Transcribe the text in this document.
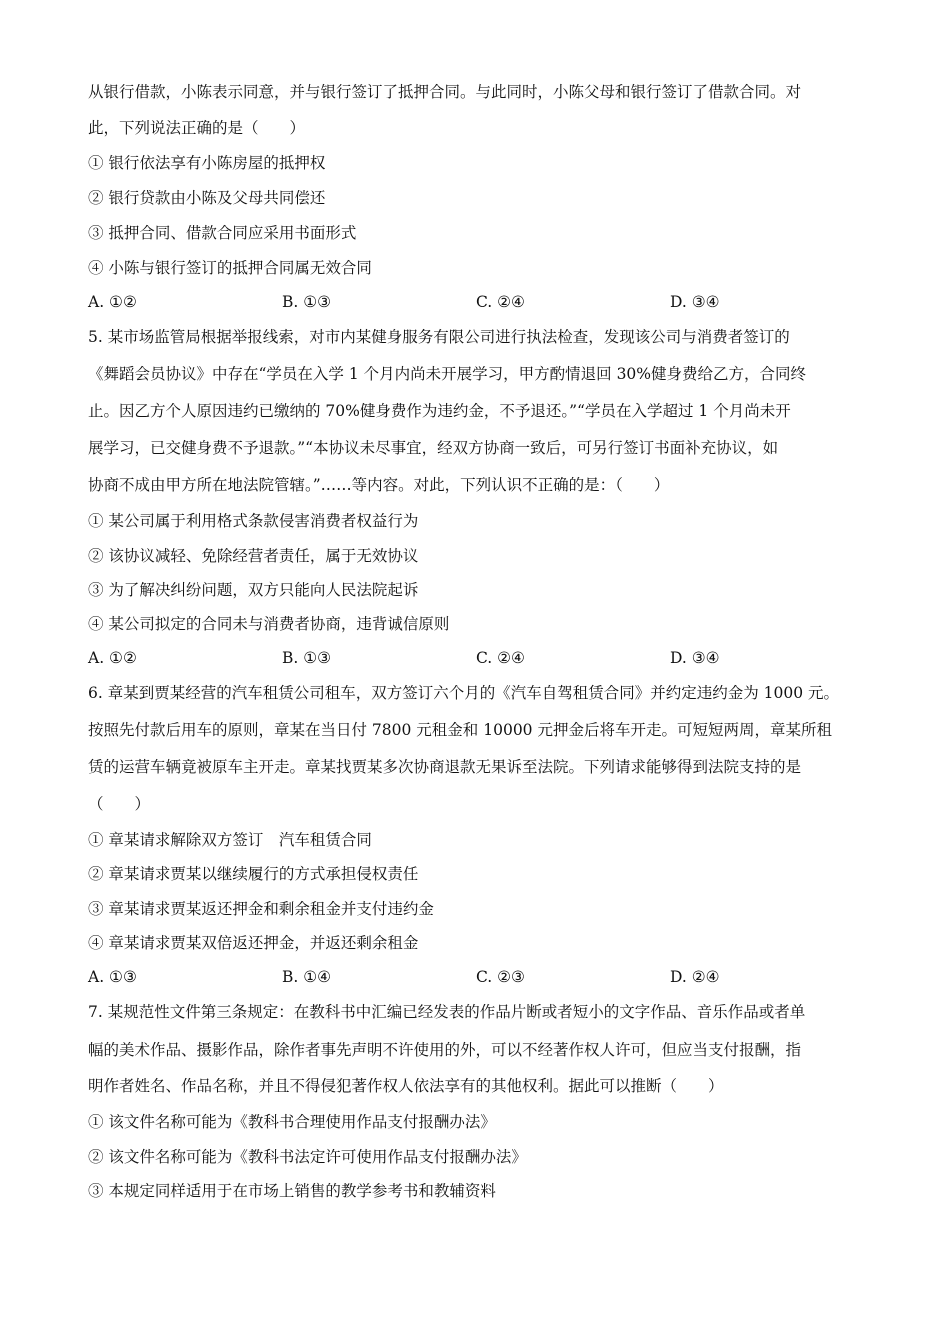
从银行借款，小陈表示同意，并与银行签订了抵押合同。与此同时，小陈父母和银行签订了借款合同。对
此，下列说法正确的是（　　）
① 银行依法享有小陈房屋的抵押权
② 银行贷款由小陈及父母共同偿还
③ 抵押合同、借款合同应采用书面形式
④ 小陈与银行签订的抵押合同属无效合同
A. ①②	B. ①③	C. ②④	D. ③④
5. 某市场监管局根据举报线索，对市内某健身服务有限公司进行执法检查，发现该公司与消费者签订的
《舞蹈会员协议》中存在“学员在入学 1 个月内尚未开展学习，甲方酌情退回 30%健身费给乙方，合同终
止。因乙方个人原因违约已缴纳的 70%健身费作为违约金，不予退还。”“学员在入学超过 1 个月尚未开
展学习，已交健身费不予退款。”“本协议未尽事宜，经双方协商一致后，可另行签订书面补充协议，如
协商不成由甲方所在地法院管辖。”……等内容。对此，下列认识不正确的是：（　　）
① 某公司属于利用格式条款侵害消费者权益行为
② 该协议减轻、免除经营者责任，属于无效协议
③ 为了解决纠纷问题，双方只能向人民法院起诉
④ 某公司拟定的合同未与消费者协商，违背诚信原则
A. ①②	B. ①③	C. ②④	D. ③④
6. 章某到贾某经营的汽车租赁公司租车，双方签订六个月的《汽车自驾租赁合同》并约定违约金为 1000 元。
按照先付款后用车的原则，章某在当日付 7800 元租金和 10000 元押金后将车开走。可短短两周，章某所租
赁的运营车辆竟被原车主开走。章某找贾某多次协商退款无果诉至法院。下列请求能够得到法院支持的是
（　　）
① 章某请求解除双方签订　汽车租赁合同
② 章某请求贾某以继续履行的方式承担侵权责任
③ 章某请求贾某返还押金和剩余租金并支付违约金
④ 章某请求贾某双倍返还押金，并返还剩余租金
A. ①③	B. ①④	C. ②③	D. ②④
7. 某规范性文件第三条规定：在教科书中汇编已经发表的作品片断或者短小的文字作品、音乐作品或者单
幅的美术作品、摄影作品，除作者事先声明不许使用的外，可以不经著作权人许可，但应当支付报酬，指
明作者姓名、作品名称，并且不得侵犯著作权人依法享有的其他权利。据此可以推断（　　）
① 该文件名称可能为《教科书合理使用作品支付报酬办法》
② 该文件名称可能为《教科书法定许可使用作品支付报酬办法》
③ 本规定同样适用于在市场上销售的教学参考书和教辅资料
